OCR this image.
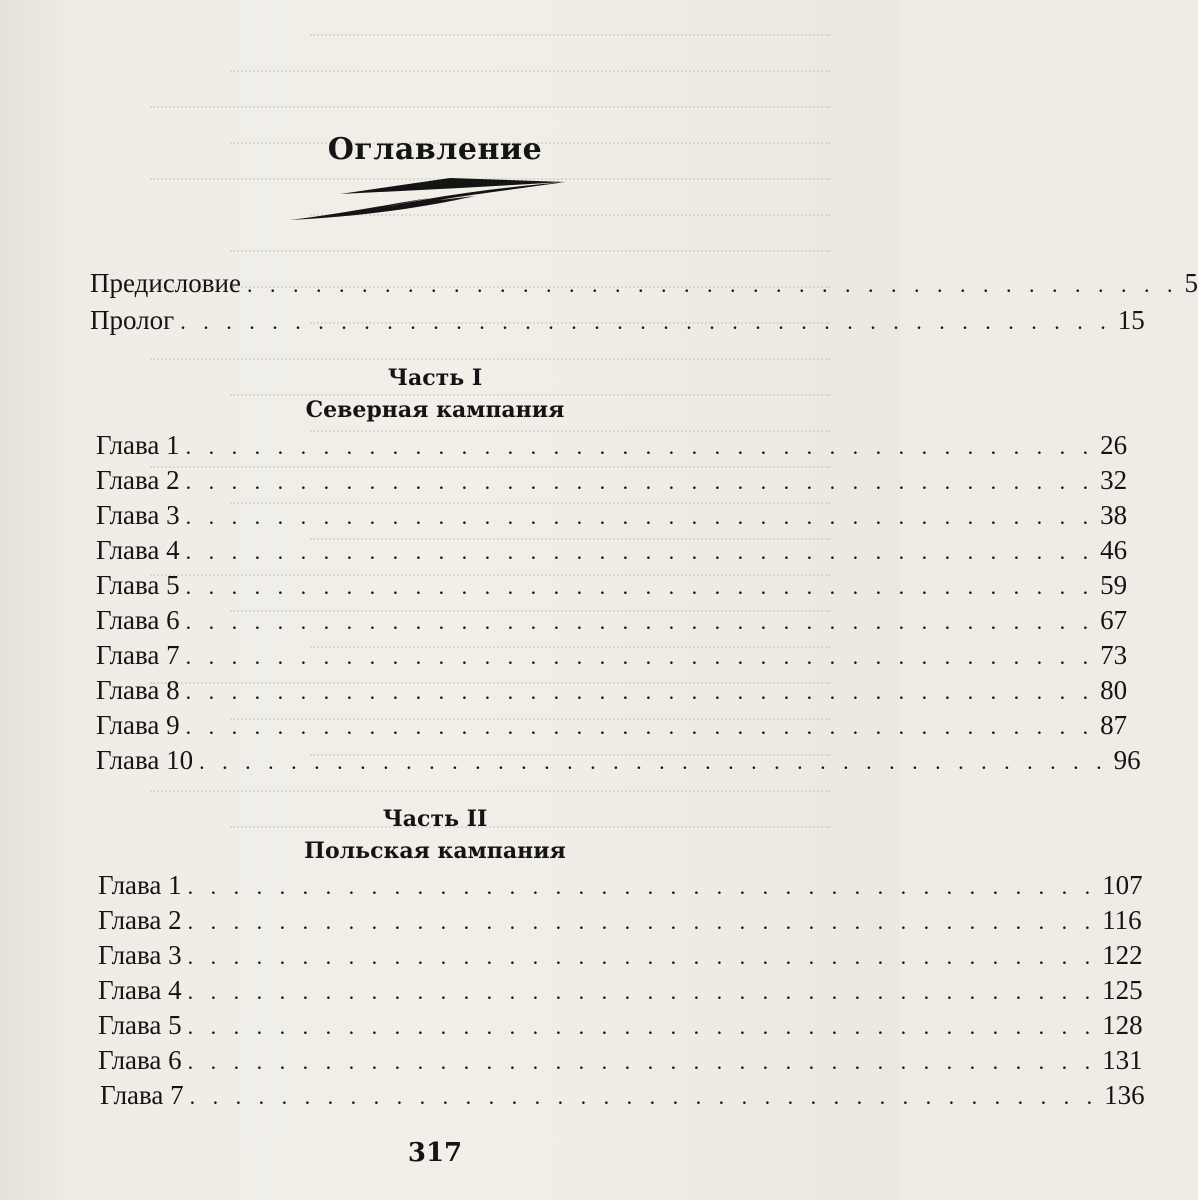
Оглавление
Предисловие . . . . . . . . . . . . . . . . . . . . . . . . . . . . . . . . . . . . . . . . . 5
Пролог . . . . . . . . . . . . . . . . . . . . . . . . . . . . . . . . . . . . . . . . . 15
Часть I
Северная кампания
Глава 1 . . . . . . . . . . . . . . . . . . . . . . . . . . . . . . . . . . . . . . . . 26
Глава 2 . . . . . . . . . . . . . . . . . . . . . . . . . . . . . . . . . . . . . . . . 32
Глава 3 . . . . . . . . . . . . . . . . . . . . . . . . . . . . . . . . . . . . . . . . 38
Глава 4 . . . . . . . . . . . . . . . . . . . . . . . . . . . . . . . . . . . . . . . . 46
Глава 5 . . . . . . . . . . . . . . . . . . . . . . . . . . . . . . . . . . . . . . . . 59
Глава 6 . . . . . . . . . . . . . . . . . . . . . . . . . . . . . . . . . . . . . . . . 67
Глава 7 . . . . . . . . . . . . . . . . . . . . . . . . . . . . . . . . . . . . . . . . 73
Глава 8 . . . . . . . . . . . . . . . . . . . . . . . . . . . . . . . . . . . . . . . . 80
Глава 9 . . . . . . . . . . . . . . . . . . . . . . . . . . . . . . . . . . . . . . . . 87
Глава 10 . . . . . . . . . . . . . . . . . . . . . . . . . . . . . . . . . . . . . . . . 96
Часть II
Польская кампания
Глава 1 . . . . . . . . . . . . . . . . . . . . . . . . . . . . . . . . . . . . . . . . 107
Глава 2 . . . . . . . . . . . . . . . . . . . . . . . . . . . . . . . . . . . . . . . . 116
Глава 3 . . . . . . . . . . . . . . . . . . . . . . . . . . . . . . . . . . . . . . . . 122
Глава 4 . . . . . . . . . . . . . . . . . . . . . . . . . . . . . . . . . . . . . . . . 125
Глава 5 . . . . . . . . . . . . . . . . . . . . . . . . . . . . . . . . . . . . . . . . 128
Глава 6 . . . . . . . . . . . . . . . . . . . . . . . . . . . . . . . . . . . . . . . . 131
Глава 7 . . . . . . . . . . . . . . . . . . . . . . . . . . . . . . . . . . . . . . . . 136
317
